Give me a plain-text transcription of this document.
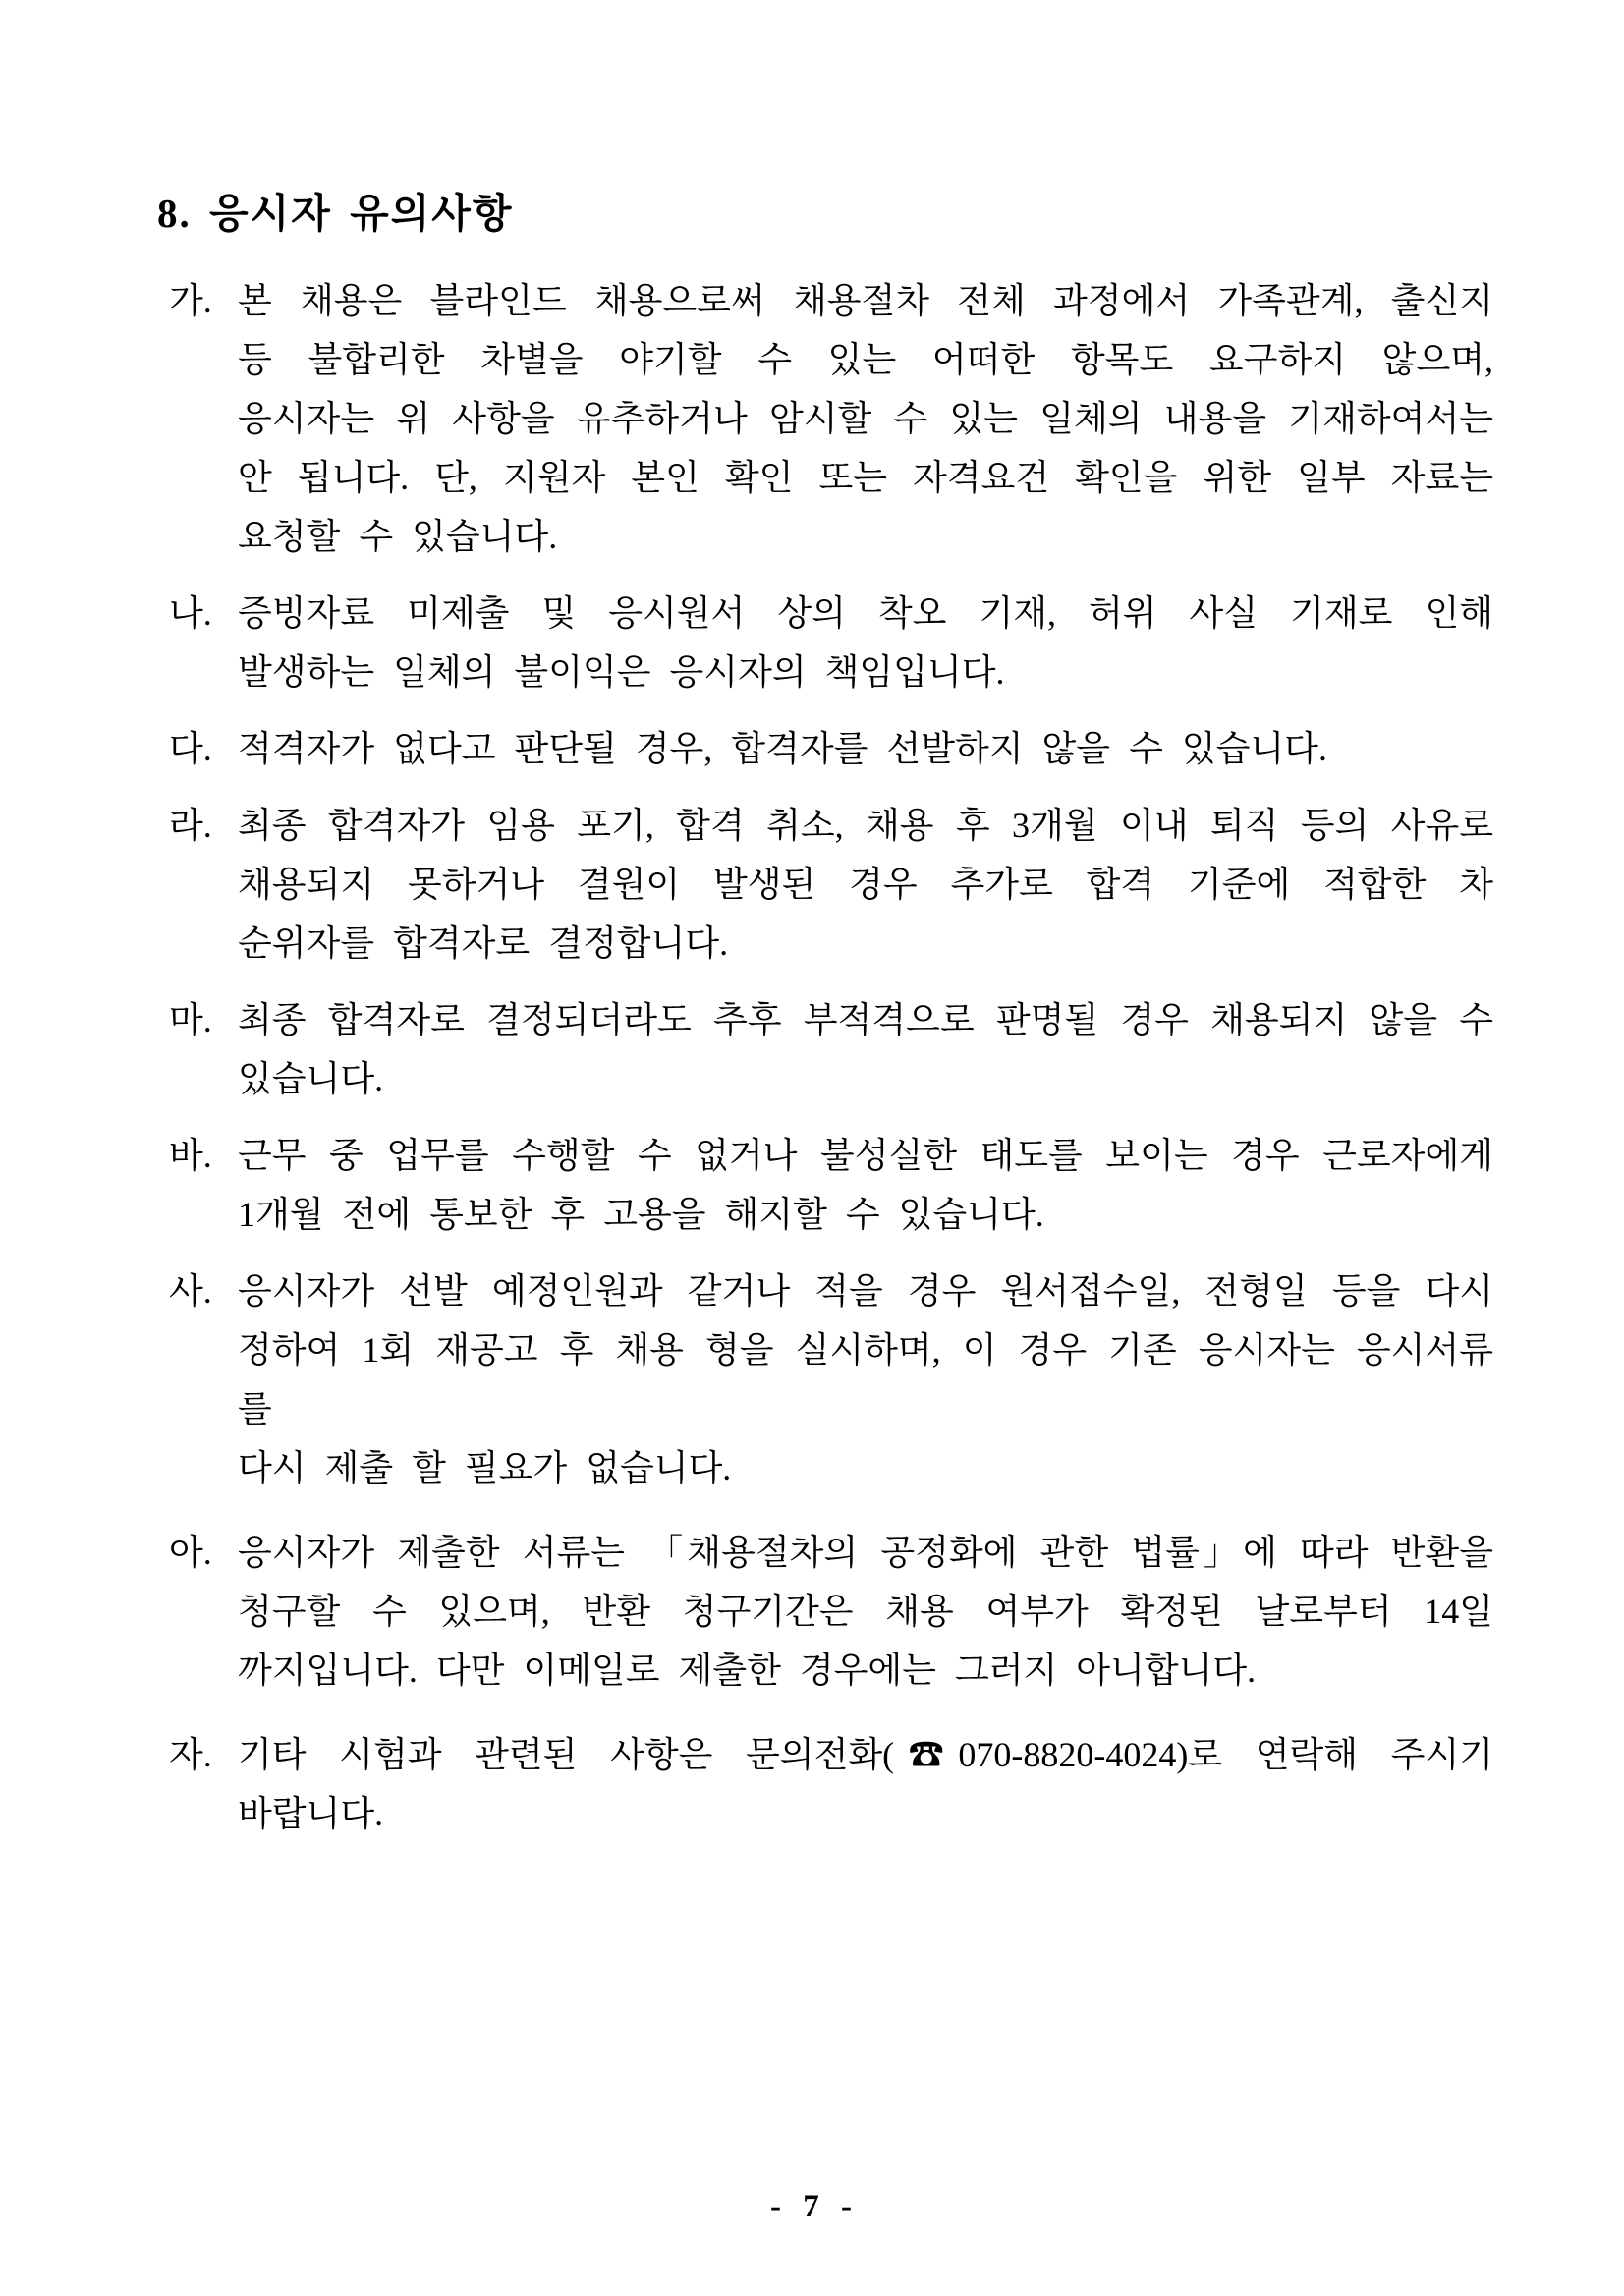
8. 응시자 유의사항
가. 본 채용은 블라인드 채용으로써 채용절차 전체 과정에서 가족관계, 출신지
등 불합리한 차별을 야기할 수 있는 어떠한 항목도 요구하지 않으며,
응시자는 위 사항을 유추하거나 암시할 수 있는 일체의 내용을 기재하여서는
안 됩니다. 단, 지원자 본인 확인 또는 자격요건 확인을 위한 일부 자료는
요청할 수 있습니다.
나. 증빙자료 미제출 및 응시원서 상의 착오 기재, 허위 사실 기재로 인해
발생하는 일체의 불이익은 응시자의 책임입니다.
다. 적격자가 없다고 판단될 경우, 합격자를 선발하지 않을 수 있습니다.
라. 최종 합격자가 임용 포기, 합격 취소, 채용 후 3개월 이내 퇴직 등의 사유로
채용되지 못하거나 결원이 발생된 경우 추가로 합격 기준에 적합한 차
순위자를 합격자로 결정합니다.
마. 최종 합격자로 결정되더라도 추후 부적격으로 판명될 경우 채용되지 않을 수
있습니다.
바. 근무 중 업무를 수행할 수 없거나 불성실한 태도를 보이는 경우 근로자에게
1개월 전에 통보한 후 고용을 해지할 수 있습니다.
사. 응시자가 선발 예정인원과 같거나 적을 경우 원서접수일, 전형일 등을 다시
정하여 1회 재공고 후 채용 형을 실시하며, 이 경우 기존 응시자는 응시서류를
다시 제출 할 필요가 없습니다.
아. 응시자가 제출한 서류는 「채용절차의 공정화에 관한 법률」에 따라 반환을
청구할 수 있으며, 반환 청구기간은 채용 여부가 확정된 날로부터 14일
까지입니다. 다만 이메일로 제출한 경우에는 그러지 아니합니다.
자. 기타 시험과 관련된 사항은 문의전화(☎070-8820-4024)로 연락해 주시기
바랍니다.
- 7 -
